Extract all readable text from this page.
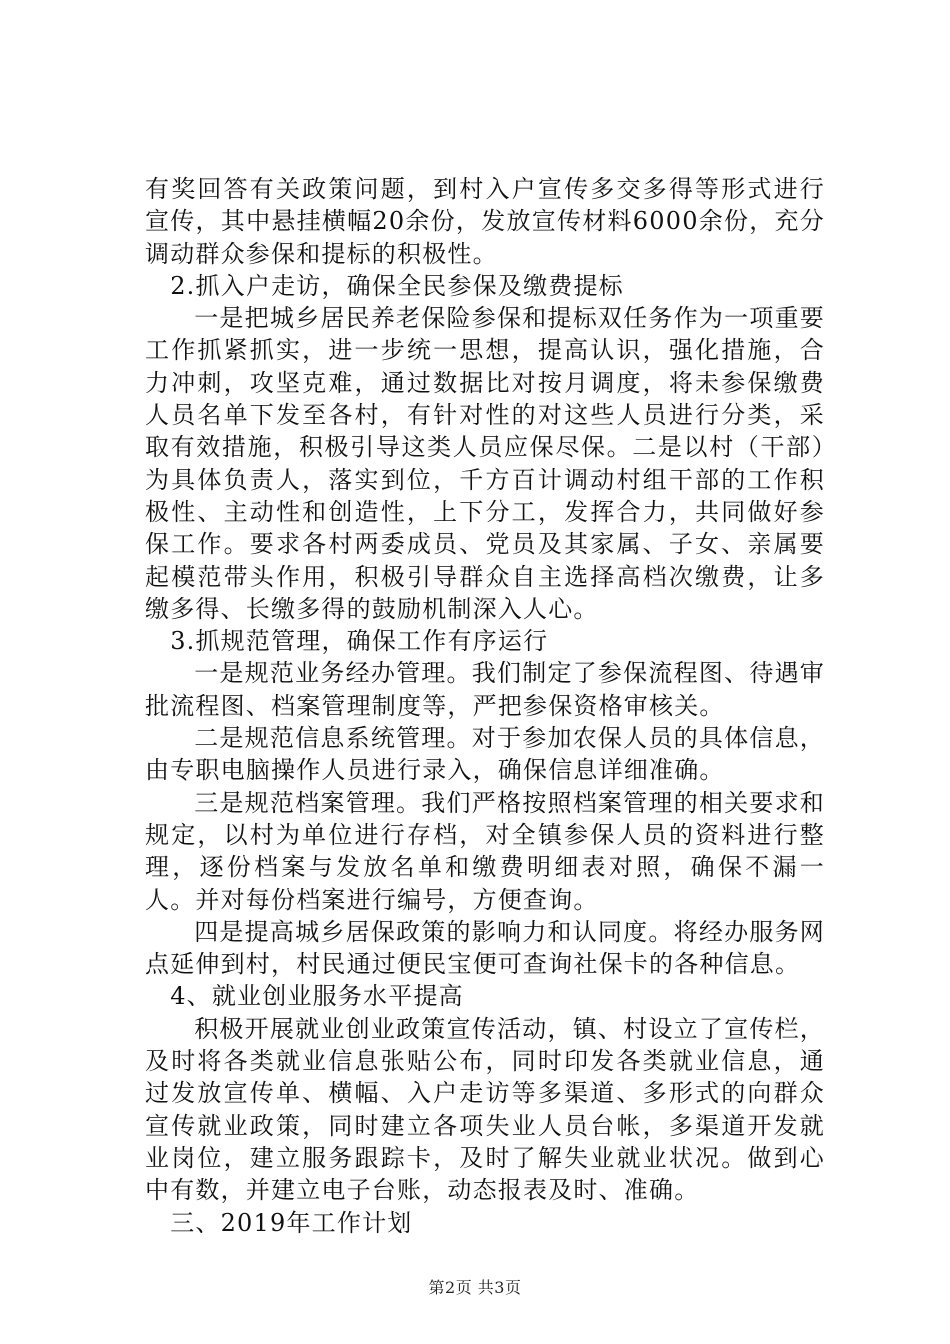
有奖回答有关政策问题，到村入户宣传多交多得等形式进行宣传，其中悬挂横幅20余份，发放宣传材料6000余份，充分调动群众参保和提标的积极性。

2.抓入户走访，确保全民参保及缴费提标

一是把城乡居民养老保险参保和提标双任务作为一项重要工作抓紧抓实，进一步统一思想，提高认识，强化措施，合力冲刺，攻坚克难，通过数据比对按月调度，将未参保缴费人员名单下发至各村，有针对性的对这些人员进行分类，采取有效措施，积极引导这类人员应保尽保。二是以村（干部）为具体负责人，落实到位，千方百计调动村组干部的工作积极性、主动性和创造性，上下分工，发挥合力，共同做好参保工作。要求各村两委成员、党员及其家属、子女、亲属要起模范带头作用，积极引导群众自主选择高档次缴费，让多缴多得、长缴多得的鼓励机制深入人心。

3.抓规范管理，确保工作有序运行

一是规范业务经办管理。我们制定了参保流程图、待遇审批流程图、档案管理制度等，严把参保资格审核关。

二是规范信息系统管理。对于参加农保人员的具体信息，由专职电脑操作人员进行录入，确保信息详细准确。

三是规范档案管理。我们严格按照档案管理的相关要求和规定，以村为单位进行存档，对全镇参保人员的资料进行整理，逐份档案与发放名单和缴费明细表对照，确保不漏一人。并对每份档案进行编号，方便查询。

四是提高城乡居保政策的影响力和认同度。将经办服务网点延伸到村，村民通过便民宝便可查询社保卡的各种信息。

4、就业创业服务水平提高

积极开展就业创业政策宣传活动，镇、村设立了宣传栏，及时将各类就业信息张贴公布，同时印发各类就业信息，通过发放宣传单、横幅、入户走访等多渠道、多形式的向群众宣传就业政策，同时建立各项失业人员台帐，多渠道开发就业岗位，建立服务跟踪卡，及时了解失业就业状况。做到心中有数，并建立电子台账，动态报表及时、准确。

三、2019年工作计划

第2页 共3页
